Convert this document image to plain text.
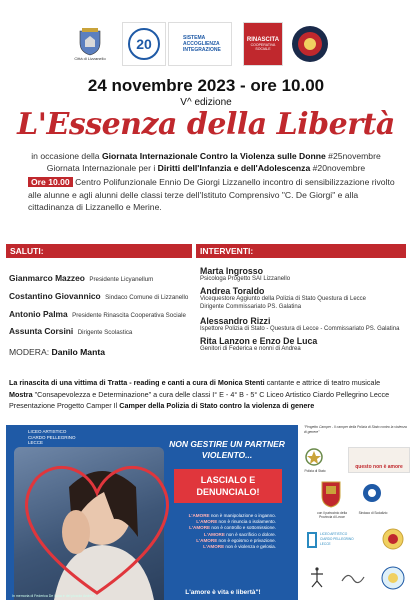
Città di Lizzanello
20	SISTEMA
ACCOGLIENZA
INTEGRAZIONE
RINASCITA
COOPERATIVA SOCIALE
24 novembre 2023 - ore 10.00
V^ edizione
L'Essenza della Libertà
in occasione della Giornata Internazionale Contro la Violenza sulle Donne #25novembre
Giornata Internazionale per i Diritti dell'Infanzia e dell'Adolescenza #20novembre
Ore 10.00 Centro Polifunzionale Ennio De Giorgi Lizzanello incontro di sensibilizzazione rivolto alle alunne e agli alunni delle classi terze dell'Istituto Comprensivo "C. De Giorgi" e alla cittadinanza di Lizzanello e Merine.
SALUTI:	INTERVENTI:
Gianmarco Mazzeo Presidente Licyanellum
Costantino Giovannico Sindaco Comune di Lizzanello
Antonio Palma Presidente Rinascita Cooperativa Sociale
Assunta Corsini Dirigente Scolastica
Marta Ingrosso
Psicologa Progetto SAI Lizzanello
Andrea Toraldo
Vicequestore Aggiunto della Polizia di Stato Questura di Lecce
Dirigente Commissariato PS. Galatina
Alessandro Rizzi
Ispettore Polizia di Stato - Questura di Lecce - Commissariato PS. Galatina
Rita Lanzon e Enzo De Luca
Genitori di Federica e nonni di Andrea
MODERA: Danilo Manta
La rinascita di una vittima di Tratta - reading e canti a cura di Monica Stenti cantante e attrice di teatro musicale
Mostra "Consapevolezza e Determinazione" a cura delle classi I° E - 4° B - 5° C Liceo Artistico Ciardo Pellegrino Lecce
Presentazione Progetto Camper Il Camper della Polizia di Stato contro la violenza di genere
LICEO ARTISTICO
CIARDO PELLEGRINO
LECCE	NON GESTIRE UN PARTNER VIOLENTO...
LASCIALO E
DENUNCIALO!
L'AMORE non è manipolazione o inganno.
L'AMORE non è rinuncia o isolamento.
L'AMORE non è controllo e sottomissione.
L'AMORE non è sacrificio o dolore.
L'AMORE non è egoismo e privazione.
L'AMORE non è violenza e gelosia.
L'amore è vita e libertà"!
In memoria di Federica De Luca e del piccolo Andrea
"Progetto Camper - Il camper della Polizia di Stato contro la violenza di genere"
Polizia di Stato
questo non è amore
con il patrocinio della Provincia di Lecce
Sindaco di Sodalizio
LICEO ARTISTICO
CIARDO PELLEGRINO
LECCE
